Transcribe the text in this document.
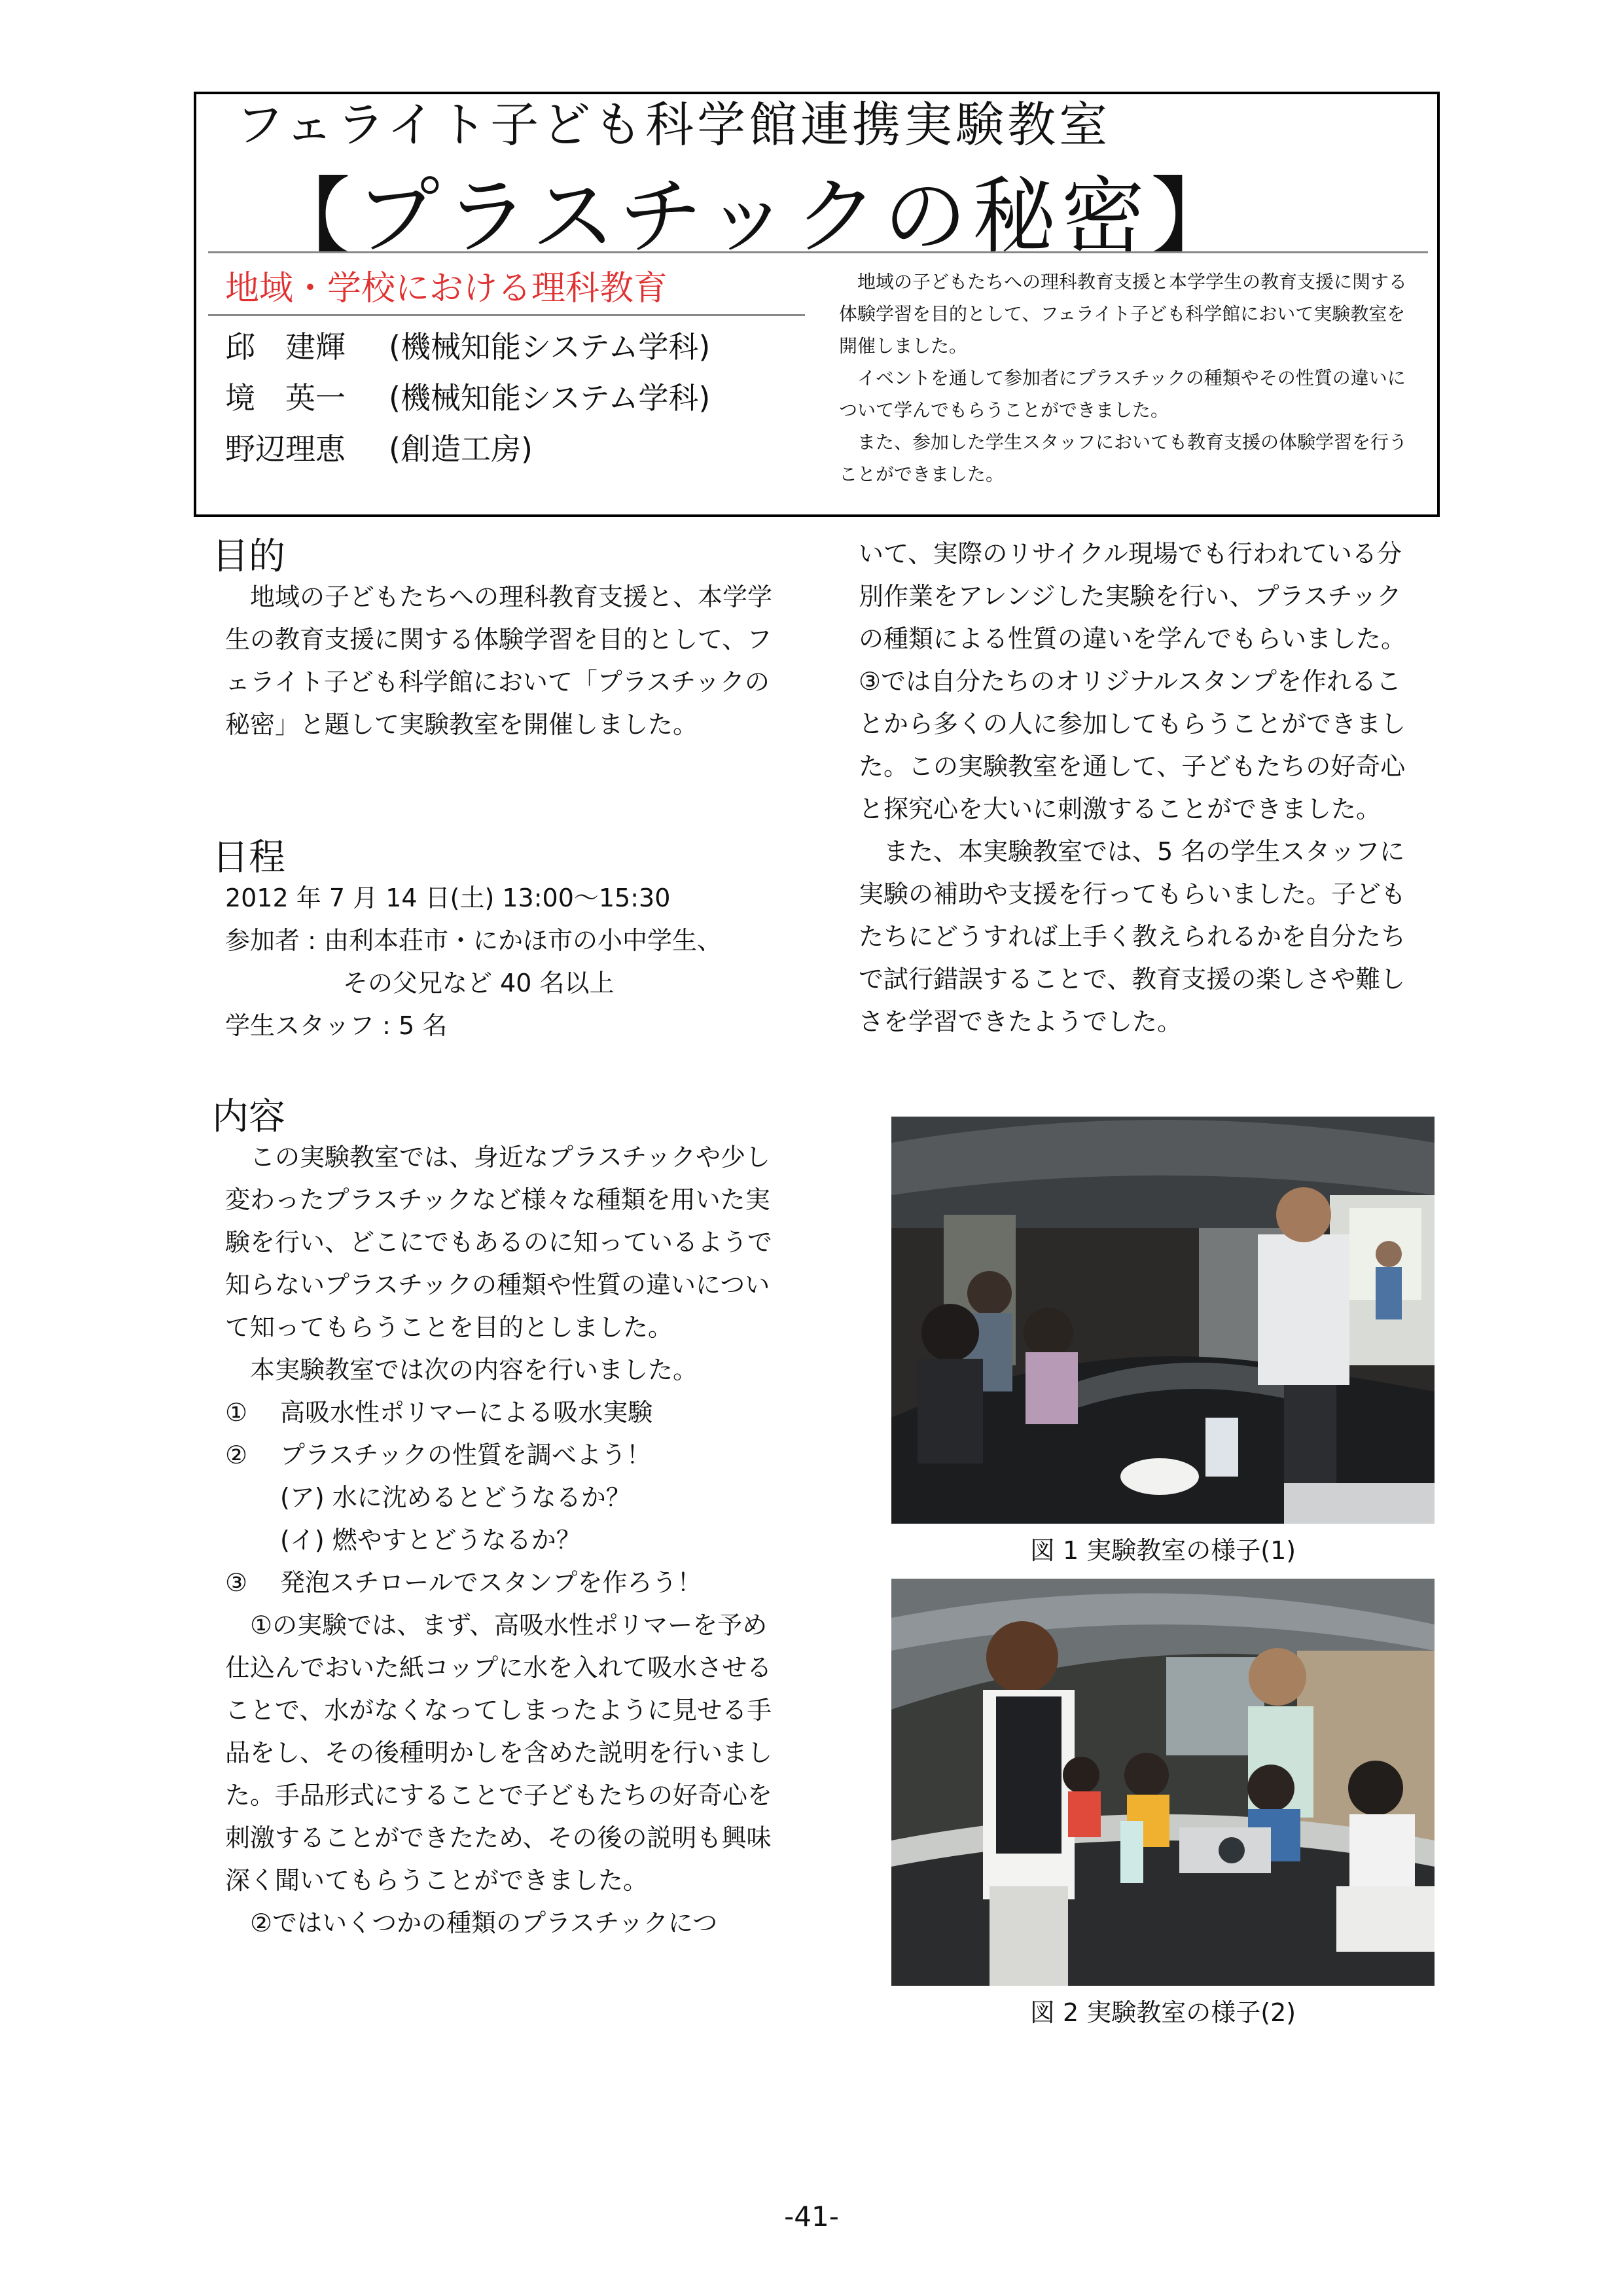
フェライト子ども科学館連携実験教室
【プラスチックの秘密】
地域・学校における理科教育
邱　建輝 (機械知能システム学科)
境　英一 (機械知能システム学科)
野辺理恵 (創造工房)

地域の子どもたちへの理科教育支援と本学学生の教育支援に関する体験学習を目的として、フェライト子ども科学館において実験教室を開催しました。

イベントを通して参加者にプラスチックの種類やその性質の違いについて学んでもらうことができました。

また、参加した学生スタッフにおいても教育支援の体験学習を行うことができました。

目的

地域の子どもたちへの理科教育支援と、本学学生の教育支援に関する体験学習を目的として、フェライト子ども科学館において「プラスチックの秘密」と題して実験教室を開催しました。

日程

2012 年 7 月 14 日(土) 13:00〜15:30

参加者 : 由利本荘市・にかほ市の小中学生、

その父兄など 40 名以上

学生スタッフ : 5 名

内容

この実験教室では、身近なプラスチックや少し変わったプラスチックなど様々な種類を用いた実験を行い、どこにでもあるのに知っているようで知らないプラスチックの種類や性質の違いについて知ってもらうことを目的としました。

本実験教室では次の内容を行いました。

① 高吸水性ポリマーによる吸水実験

② プラスチックの性質を調べよう！

(ア) 水に沈めるとどうなるか？

(イ) 燃やすとどうなるか？

③ 発泡スチロールでスタンプを作ろう！

①の実験では、まず、高吸水性ポリマーを予め仕込んでおいた紙コップに水を入れて吸水させることで、水がなくなってしまったように見せる手品をし、その後種明かしを含めた説明を行いました。手品形式にすることで子どもたちの好奇心を刺激することができたため、その後の説明も興味深く聞いてもらうことができました。

②ではいくつかの種類のプラスチックにつ

いて、実際のリサイクル現場でも行われている分別作業をアレンジした実験を行い、プラスチックの種類による性質の違いを学んでもらいました。③では自分たちのオリジナルスタンプを作れることから多くの人に参加してもらうことができました。この実験教室を通して、子どもたちの好奇心と探究心を大いに刺激することができました。

また、本実験教室では、5 名の学生スタッフに実験の補助や支援を行ってもらいました。子どもたちにどうすれば上手く教えられるかを自分たちで試行錯誤することで、教育支援の楽しさや難しさを学習できたようでした。

図 1 実験教室の様子(1)
図 2 実験教室の様子(2)
-41-
